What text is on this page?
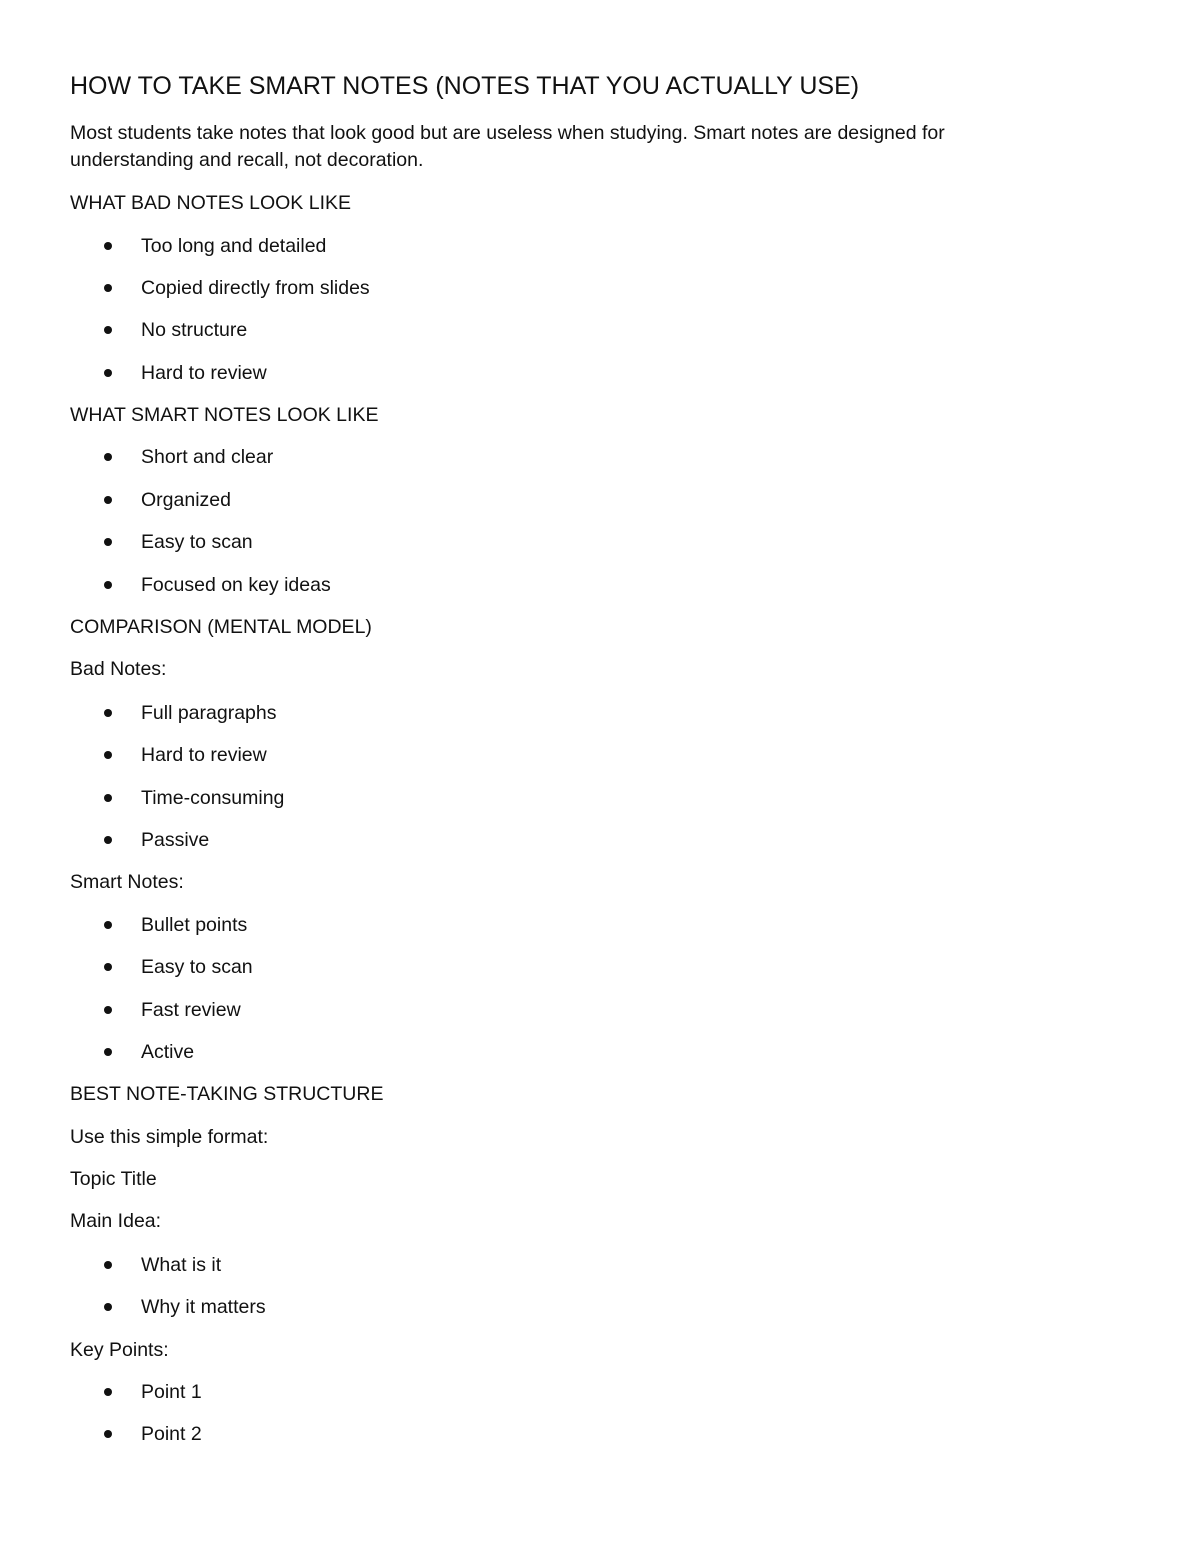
HOW TO TAKE SMART NOTES (NOTES THAT YOU ACTUALLY USE)

Most students take notes that look good but are useless when studying. Smart notes are designed for understanding and recall, not decoration.

WHAT BAD NOTES LOOK LIKE
Too long and detailed
Copied directly from slides
No structure
Hard to review
WHAT SMART NOTES LOOK LIKE
Short and clear
Organized
Easy to scan
Focused on key ideas
COMPARISON (MENTAL MODEL)
Bad Notes:
Full paragraphs
Hard to review
Time-consuming
Passive
Smart Notes:
Bullet points
Easy to scan
Fast review
Active
BEST NOTE-TAKING STRUCTURE
Use this simple format:
Topic Title
Main Idea:
What is it
Why it matters
Key Points:
Point 1
Point 2
